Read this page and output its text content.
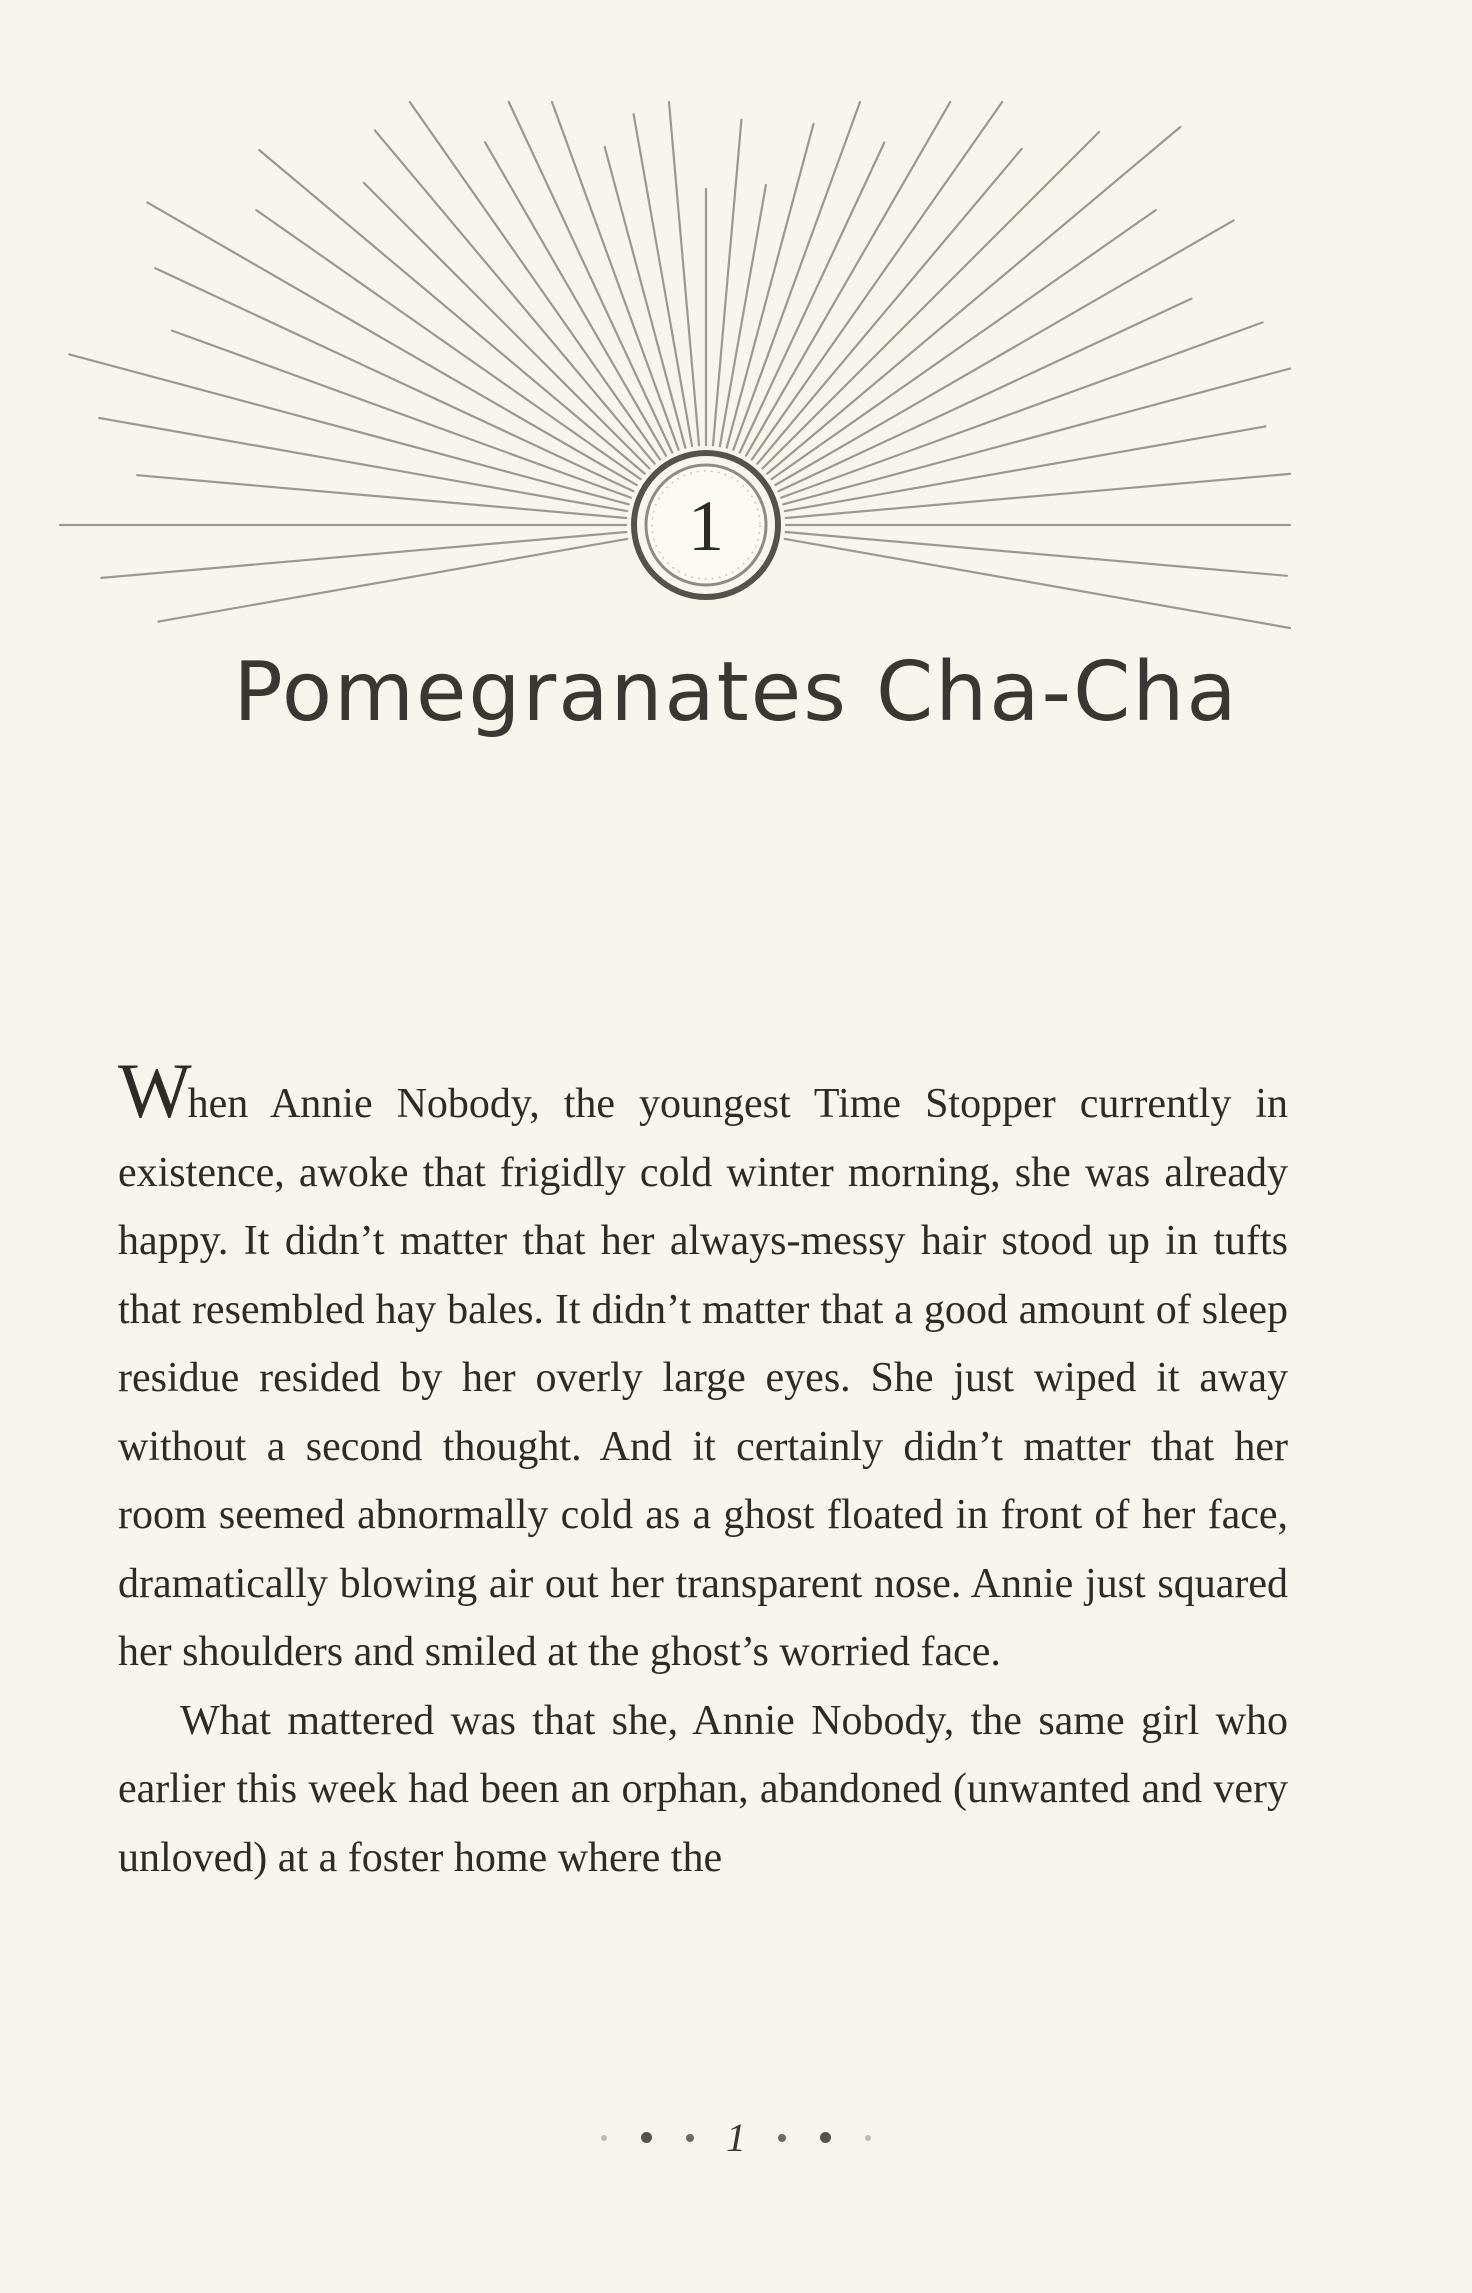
1
Pomegranates Cha-Cha

When Annie Nobody, the youngest Time Stopper currently in existence, awoke that frigidly cold winter morning, she was already happy. It didn’t matter that her always-messy hair stood up in tufts that resembled hay bales. It didn’t matter that a good amount of sleep residue resided by her overly large eyes. She just wiped it away without a second thought. And it certainly didn’t matter that her room seemed abnormally cold as a ghost floated in front of her face, dramatically blowing air out her transparent nose. Annie just squared her shoulders and smiled at the ghost’s worried face.

What mattered was that she, Annie Nobody, the same girl who earlier this week had been an orphan, abandoned (unwanted and very unloved) at a foster home where the

1
